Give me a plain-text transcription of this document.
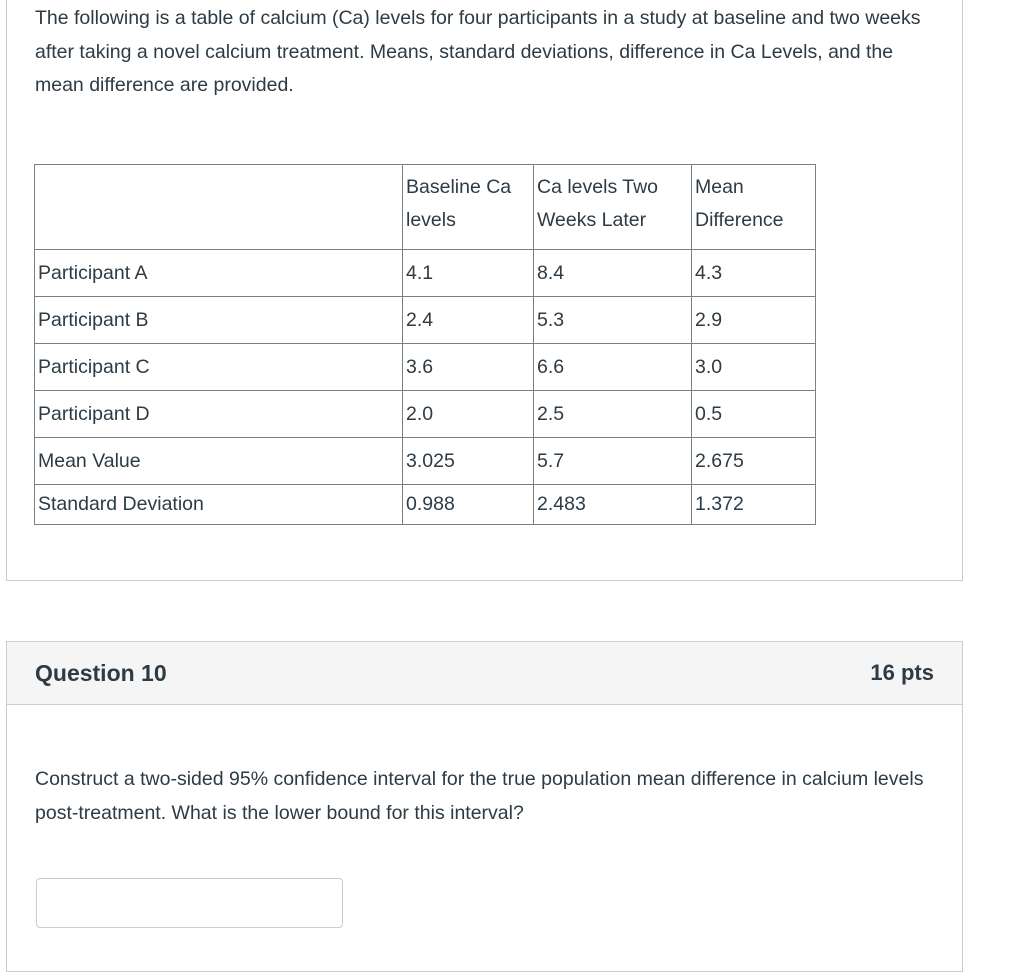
The following is a table of calcium (Ca) levels for four participants in a study at baseline and two weeks after taking a novel calcium treatment. Means, standard deviations, difference in Ca Levels, and the mean difference are provided.

	Baseline Ca levels	Ca levels Two Weeks Later	Mean Difference
Participant A	4.1	8.4	4.3
Participant B	2.4	5.3	2.9
Participant C	3.6	6.6	3.0
Participant D	2.0	2.5	0.5
Mean Value	3.025	5.7	2.675
Standard Deviation	0.988	2.483	1.372
Question 10	16 pts

Construct a two-sided 95% confidence interval for the true population mean difference in calcium levels post-treatment. What is the lower bound for this interval?
